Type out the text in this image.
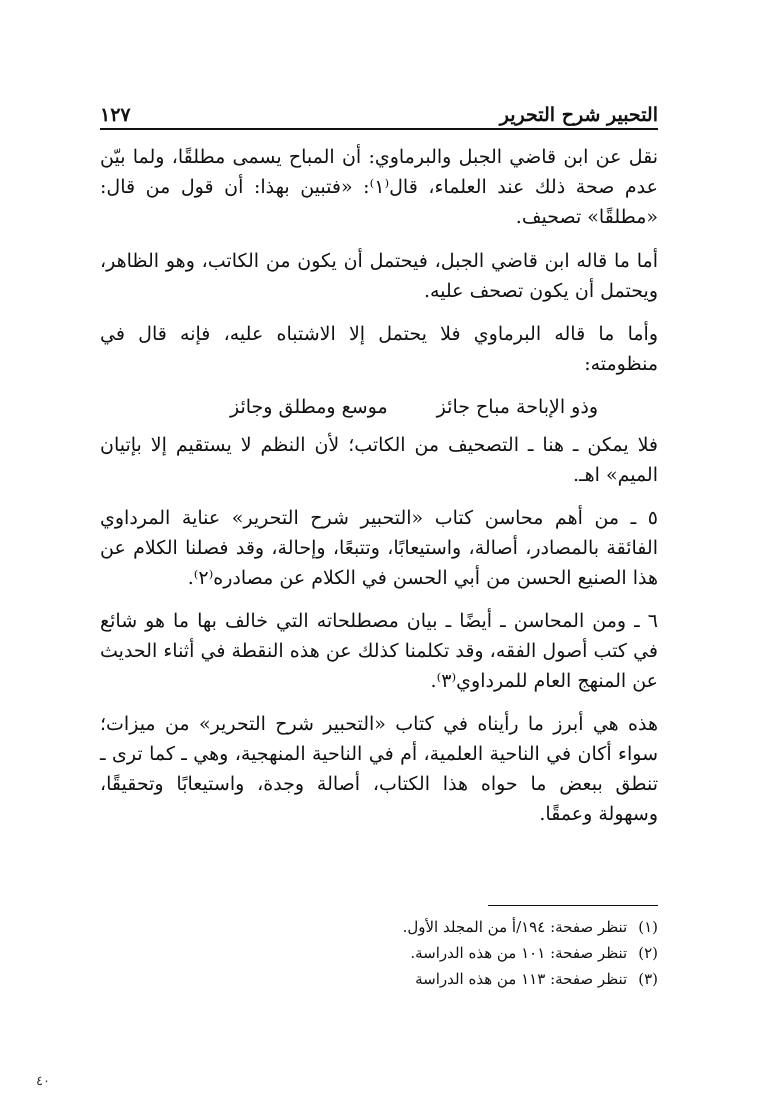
التحبير شرح التحرير
١٢٧

نقل عن ابن قاضي الجبل والبرماوي: أن المباح يسمى مطلقًا، ولما بيّن عدم صحة ذلك عند العلماء، قال⁽١⁾: «فتبين بهذا: أن قول من قال: «مطلقًا» تصحيف.

أما ما قاله ابن قاضي الجبل، فيحتمل أن يكون من الكاتب، وهو الظاهر، ويحتمل أن يكون تصحف عليه.

وأما ما قاله البرماوي فلا يحتمل إلا الاشتباه عليه، فإنه قال في منظومته:

وذو الإباحة مباح جائز
موسع ومطلق وجائز

فلا يمكن ـ هنا ـ التصحيف من الكاتب؛ لأن النظم لا يستقيم إلا بإتيان الميم» اهـ.

٥ ـ من أهم محاسن كتاب «التحبير شرح التحرير» عناية المرداوي الفائقة بالمصادر، أصالة، واستيعابًا، وتتبعًا، وإحالة، وقد فصلنا الكلام عن هذا الصنيع الحسن من أبي الحسن في الكلام عن مصادره⁽٢⁾.

٦ ـ ومن المحاسن ـ أيضًا ـ بيان مصطلحاته التي خالف بها ما هو شائع في كتب أصول الفقه، وقد تكلمنا كذلك عن هذه النقطة في أثناء الحديث عن المنهج العام للمرداوي⁽٣⁾.

هذه هي أبرز ما رأيناه في كتاب «التحبير شرح التحرير» من ميزات؛ سواء أكان في الناحية العلمية، أم في الناحية المنهجية، وهي ـ كما ترى ـ تنطق ببعض ما حواه هذا الكتاب، أصالة وجدة، واستيعابًا وتحقيقًا، وسهولة وعمقًا.

(١) تنظر صفحة: ١٩٤/أ من المجلد الأول.

(٢) تنظر صفحة: ١٠١ من هذه الدراسة.

(٣) تنظر صفحة: ١١٣ من هذه الدراسة

٤٠
